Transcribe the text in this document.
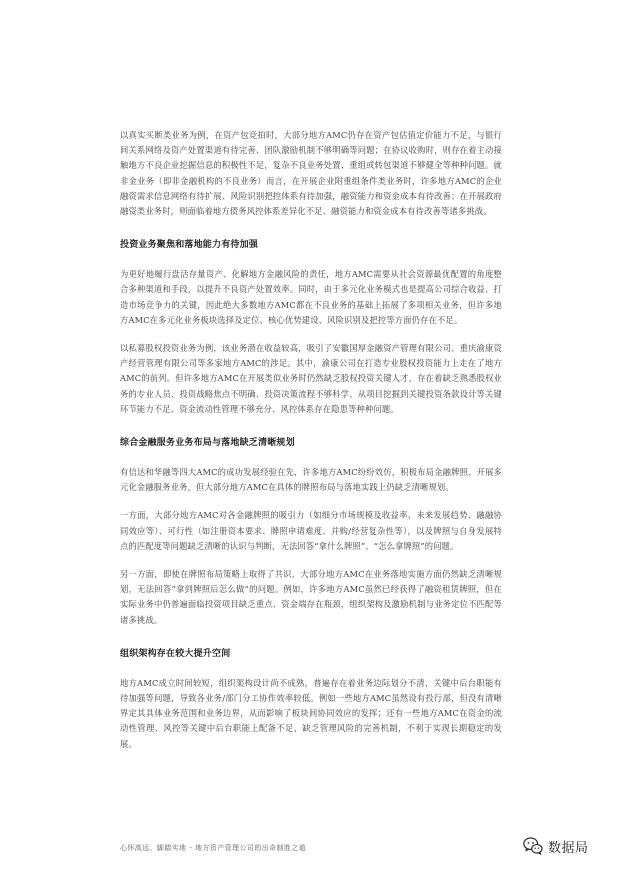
以真实买断类业务为例，在资产包竞拍时，大部分地方AMC仍存在资产包估值定价能力不足，与银行间关系网络及资产处置渠道有待完善、团队激励机制不够明确等问题；在协议收购时，则存在着主动接触地方不良企业挖掘信息的积极性不足，复杂不良业务处置、重组或转包渠道不够健全等种种问题。就非金业务（即非金融机构的不良业务）而言，在开展企业附重组条件类业务时，许多地方AMC的企业融资需求信息网络有待扩展、风险识别把控体系有待加强，融资能力和资金成本有待改善；在开展政府融资类业务时，则面临着地方债务风控体系差异化不足、融资能力和资金成本有待改善等诸多挑战。

投资业务聚焦和落地能力有待加强

为更好地履行盘活存量资产、化解地方金融风险的责任，地方AMC需要从社会资源最优配置的角度整合多种渠道和手段，以提升不良资产处置效率。同时，由于多元化业务模式也是提高公司综合收益、打造市场竞争力的关键，因此绝大多数地方AMC都在不良业务的基础上拓展了多项相关业务，但许多地方AMC在多元化业务板块选择及定位、核心优势建设、风险识别及把控等方面仍存在不足。

以私募股权投资业务为例，该业务潜在收益较高，吸引了安徽国厚金融资产管理有限公司、重庆渝康资产经营管理有限公司等多家地方AMC的涉足。其中，渝康公司在打造专业股权投资能力上走在了地方AMC的前列。但许多地方AMC在开展类似业务时仍然缺乏股权投资关键人才，存在着缺乏熟悉股权业务的专业人员、投资战略焦点不明确、投资决策流程不够科学、从项目挖掘到关键投资条款设计等关键环节能力不足、资金流动性管理不够充分、风控体系存在隐患等种种问题。

综合金融服务业务布局与落地缺乏清晰规划

有信达和华融等四大AMC的成功发展经验在先，许多地方AMC纷纷效仿，积极布局金融牌照、开展多元化金融服务业务，但大部分地方AMC在具体的牌照布局与落地实践上仍缺乏清晰规划。

一方面，大部分地方AMC对各金融牌照的吸引力（如细分市场规模及收益率、未来发展趋势、融融协同效应等）、可行性（如注册资本要求、牌照申请难度、并购/经营复杂性等），以及牌照与自身发展特点的匹配度等问题缺乏清晰的认识与判断，无法回答“拿什么牌照”、“怎么拿牌照”的问题。

另一方面，即使在牌照布局策略上取得了共识，大部分地方AMC在业务落地实施方面仍然缺乏清晰规划，无法回答“拿到牌照后怎么做”的问题。例如，许多地方AMC虽然已经获得了融资租赁牌照，但在实际业务中仍普遍面临投资项目缺乏重点、资金端存在瓶颈，组织架构及激励机制与业务定位不匹配等诸多挑战。

组织架构存在较大提升空间

地方AMC成立时间较短，组织架构设计尚不成熟，普遍存在着业务边际划分不清、关键中后台职能有待加强等问题，导致各业务/部门分工协作效率较低。例如一些地方AMC虽然设有投行部，但没有清晰界定其具体业务范围和业务边界，从而影响了板块间协同效应的发挥；还有一些地方AMC在资金的流动性管理、风控等关键中后台职能上配备不足，缺乏管理风险的完善机制，不利于实现长期稳定的发展。

心怀高远、脚踏实地 - 地方资产管理公司的出奇制胜之道	数据局
